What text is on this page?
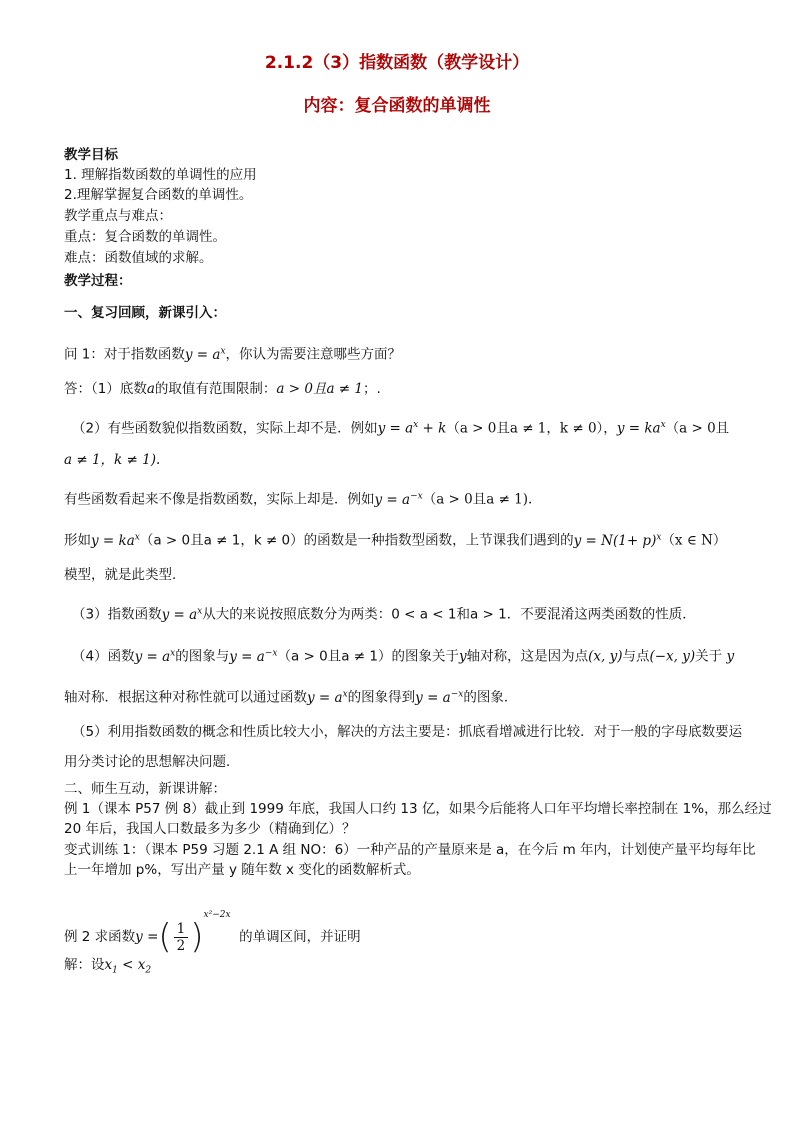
2.1.2（3）指数函数（教学设计）
内容：复合函数的单调性
教学目标
1. 理解指数函数的单调性的应用
2.理解掌握复合函数的单调性。
教学重点与难点：
重点：复合函数的单调性。
难点：函数值域的求解。
教学过程：
一、复习回顾，新课引入：
问 1：对于指数函数$y = a^x$，你认为需要注意哪些方面？
答：（1）底数a的取值有范围限制：a > 0且a ≠ 1；.
（2）有些函数貌似指数函数，实际上却不是．例如$y = a^x + k(a > 0$且a ≠ 1，k ≠ 0），$y = ka^x(a > 0$且
a ≠ 1，k ≠ 1).
有些函数看起来不像是指数函数，实际上却是．例如$y = a^{-x}(a > 0$且a ≠ 1).
形如$y = ka^x(a > 0$且a ≠ 1，k ≠ 0）的函数是一种指数型函数，上节课我们遇到的$y = N(1+ p)^x(x$ ∈ N）
模型，就是此类型．
（3）指数函数$y = a^x$从大的来说按照底数分为两类：0 < a < 1和a > 1．不要混淆这两类函数的性质．
（4）函数$y = a^x$的图象与$y = a^{-x}(a > 0$且a ≠ 1）的图象关于y轴对称，这是因为点(x, y)与点(−x, y)关于 y
轴对称．根据这种对称性就可以通过函数$y = a^x$的图象得到$y = a^{-x}$的图象．
（5）利用指数函数的概念和性质比较大小，解决的方法主要是：抓底看增减进行比较．对于一般的字母底数要运
用分类讨论的思想解决问题．
二、师生互动，新课讲解：
例 1（课本 P57 例 8）截止到 1999 年底，我国人口约 13 亿，如果今后能将人口年平均增长率控制在 1%，那么经过
20 年后，我国人口数最多为多少（精确到亿）？
变式训练 1：（课本 P59 习题 2.1 A 组 NO：6）一种产品的产量原来是 a，在今后 m 年内，计划使产量平均每年比
上一年增加 p%，写出产量 y 随年数 x 变化的函数解析式。
例 2 求函数y =( $\frac{1}{2} )^{x^2-2x}$  的单调区间，并证明
解：设$x_1 < x_2$
